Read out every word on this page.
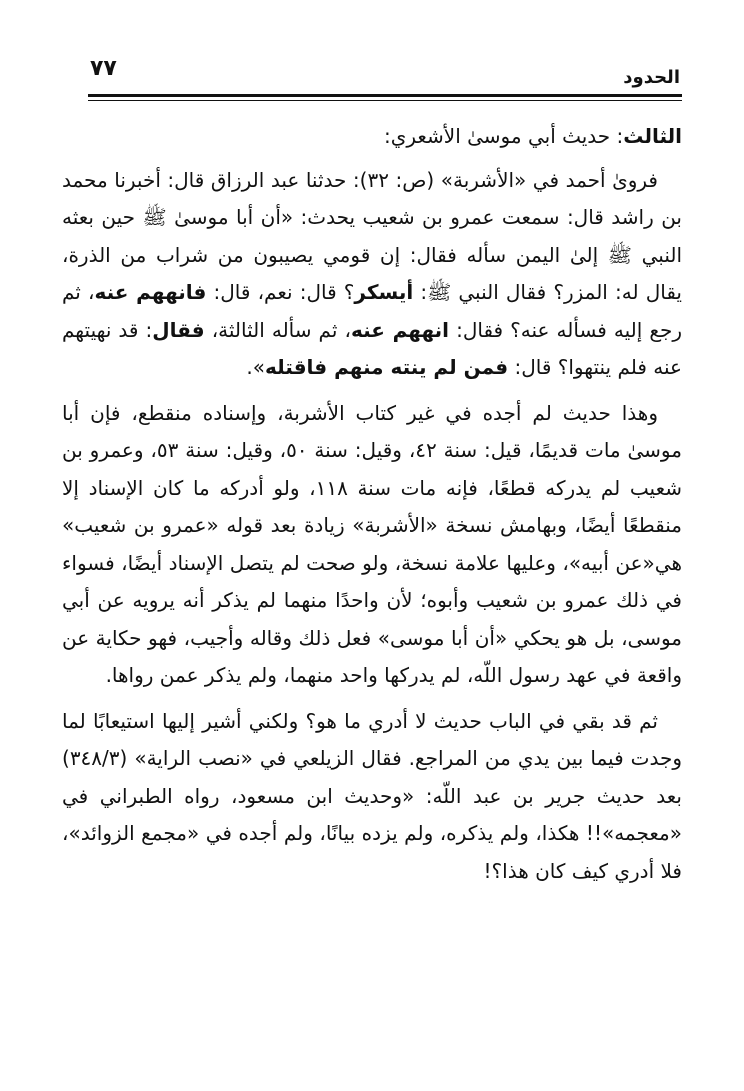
٧٧	الحدود

الثالث: حديث أبي موسىٰ الأشعري:

فرویٰ أحمد في «الأشربة» (ص: ٣٢): حدثنا عبد الرزاق قال: أخبرنا محمد بن راشد قال: سمعت عمرو بن شعيب يحدث: «أن أبا موسىٰ ﷺ حين بعثه النبي ﷺ إلىٰ اليمن سأله فقال: إن قومي يصيبون من شراب من الذرة، يقال له: المزر؟ فقال النبي ﷺ: أيسكر؟ قال: نعم، قال: فانههم عنه، ثم رجع إليه فسأله عنه؟ فقال: انههم عنه، ثم سأله الثالثة، فقال: قد نهيتهم عنه فلم ينتهوا؟ قال: فمن لم ينته منهم فاقتله».

وهذا حديث لم أجده في غير كتاب الأشربة، وإسناده منقطع، فإن أبا موسىٰ مات قديمًا، قيل: سنة ٤٢، وقيل: سنة ٥٠، وقيل: سنة ٥٣، وعمرو بن شعيب لم يدركه قطعًا، فإنه مات سنة ١١٨، ولو أدركه ما كان الإسناد إلا منقطعًا أيضًا، وبهامش نسخة «الأشربة» زيادة بعد قوله «عمرو بن شعيب» هي«عن أبيه»، وعليها علامة نسخة، ولو صحت لم يتصل الإسناد أيضًا، فسواء في ذلك عمرو بن شعيب وأبوه؛ لأن واحدًا منهما لم يذكر أنه يرويه عن أبي موسى، بل هو يحكي «أن أبا موسى» فعل ذلك وقاله وأجيب، فهو حكاية عن واقعة في عهد رسول اللّه، لم يدركها واحد منهما، ولم يذكر عمن رواها.

ثم قد بقي في الباب حديث لا أدري ما هو؟ ولكني أشير إليها استيعابًا لما وجدت فيما بين يدي من المراجع. فقال الزيلعي في «نصب الراية» (٣٤٨/٣) بعد حديث جرير بن عبد اللّه: «وحديث ابن مسعود، رواه الطبراني في «معجمه»!! هكذا، ولم يذكره، ولم يزده بيانًا، ولم أجده في «مجمع الزوائد»، فلا أدري كيف كان هذا؟!
